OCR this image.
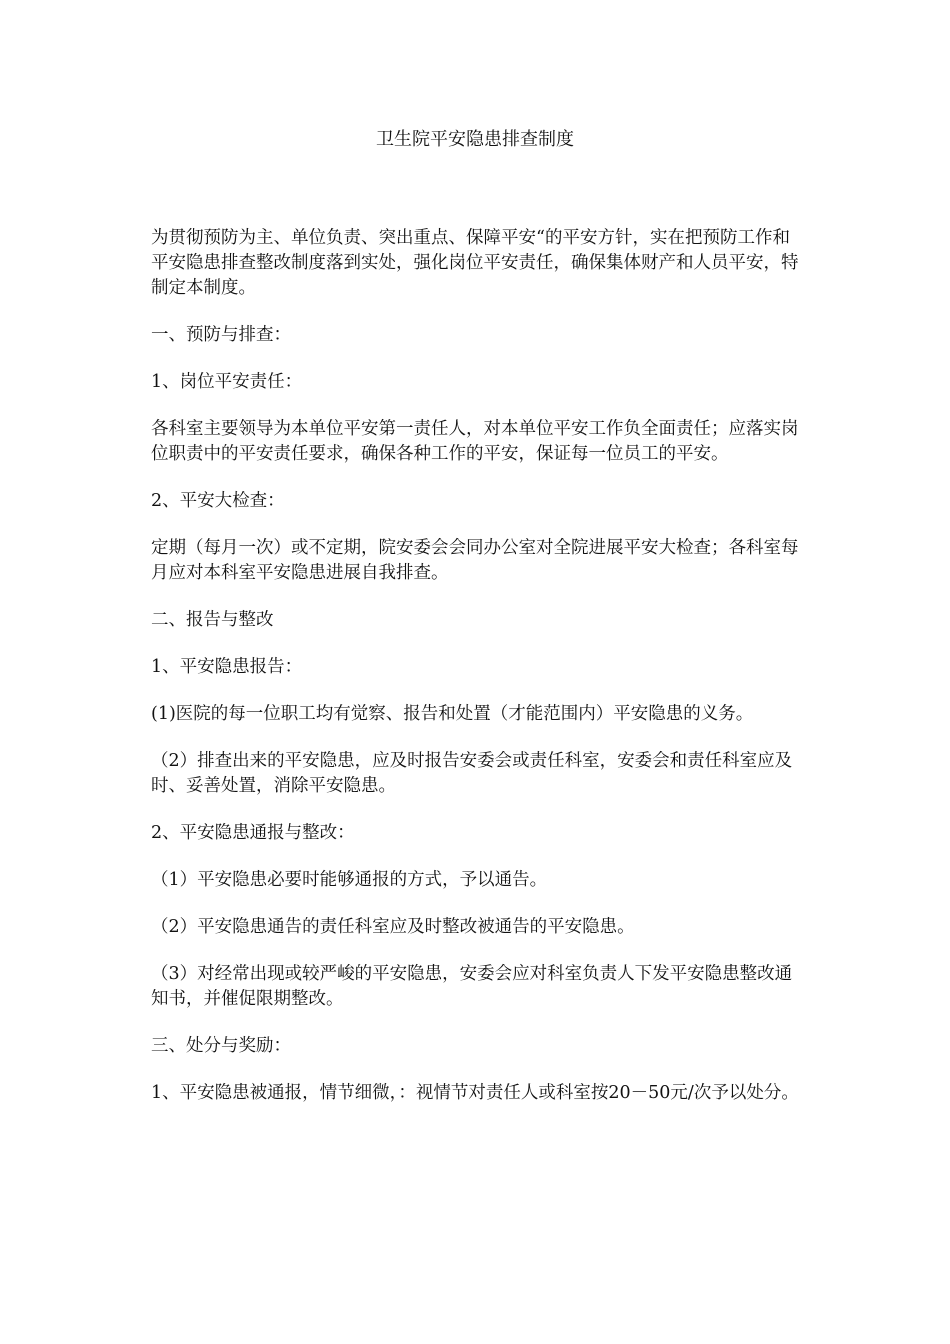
卫生院平安隐患排查制度

为贯彻预防为主、单位负责、突出重点、保障平安“的平安方针，实在把预防工作和平安隐患排查整改制度落到实处，强化岗位平安责任，确保集体财产和人员平安，特制定本制度。

一、预防与排查：

1、岗位平安责任：

各科室主要领导为本单位平安第一责任人，对本单位平安工作负全面责任；应落实岗位职责中的平安责任要求，确保各种工作的平安，保证每一位员工的平安。

2、平安大检查：

定期（每月一次）或不定期，院安委会会同办公室对全院进展平安大检查；各科室每月应对本科室平安隐患进展自我排查。

二、报告与整改

1、平安隐患报告：

(1)医院的每一位职工均有觉察、报告和处置（才能范围内）平安隐患的义务。

（2）排查出来的平安隐患，应及时报告安委会或责任科室，安委会和责任科室应及时、妥善处置，消除平安隐患。

2、平安隐患通报与整改：

（1）平安隐患必要时能够通报的方式，予以通告。

（2）平安隐患通告的责任科室应及时整改被通告的平安隐患。

（3）对经常出现或较严峻的平安隐患，安委会应对科室负责人下发平安隐患整改通知书，并催促限期整改。

三、处分与奖励：

1、平安隐患被通报，情节细微，：视情节对责任人或科室按20－50元/次予以处分。
